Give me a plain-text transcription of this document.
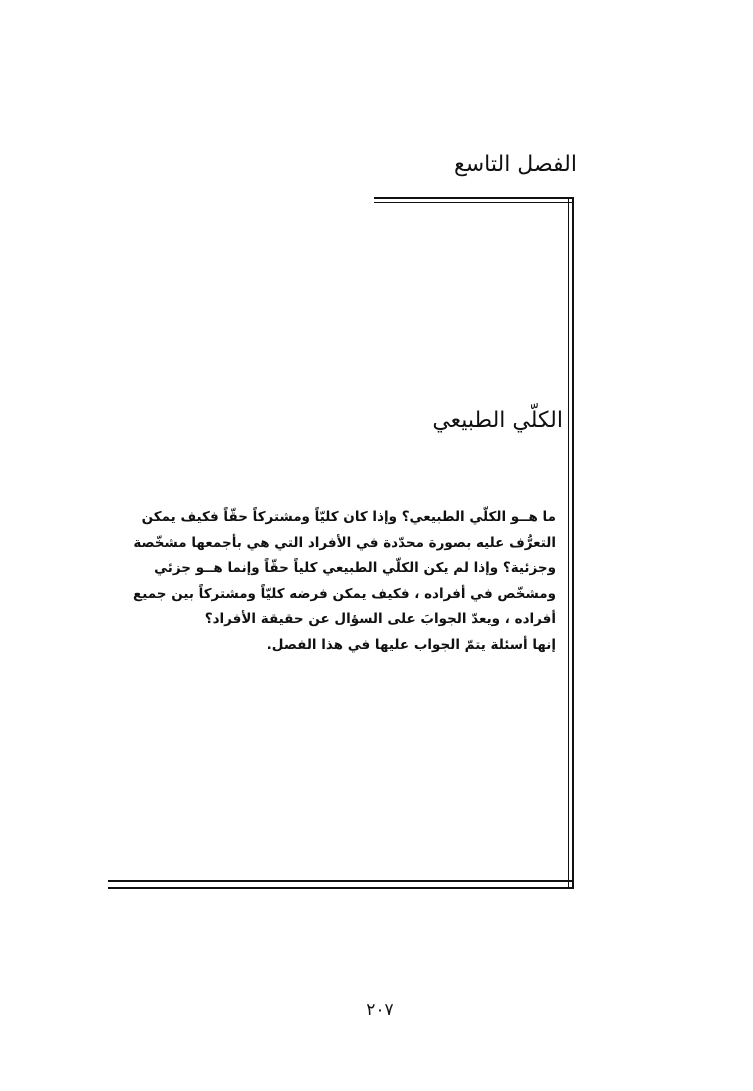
الفصل التاسع
الكلّي الطبيعي
ما هــو الكلّي الطبيعي؟ وإذا كان كليّاً ومشتركاً حقّاً فكيف يمكن
التعرُّف عليه بصورة محدّدة في الأفراد التي هي بأجمعها مشخّصة
وجزئية؟ وإذا لم يكن الكلّي الطبيعي كلياً حقّاً وإنما هــو جزئي
ومشخّص في أفراده ، فكيف يمكن فرضه كليّاً ومشتركاً بين جميع
أفراده ، ويعدّ الجوابَ على السؤال عن حقيقة الأفراد؟
إنها أسئلة يتمّ الجواب عليها في هذا الفصل.
٢٠٧
